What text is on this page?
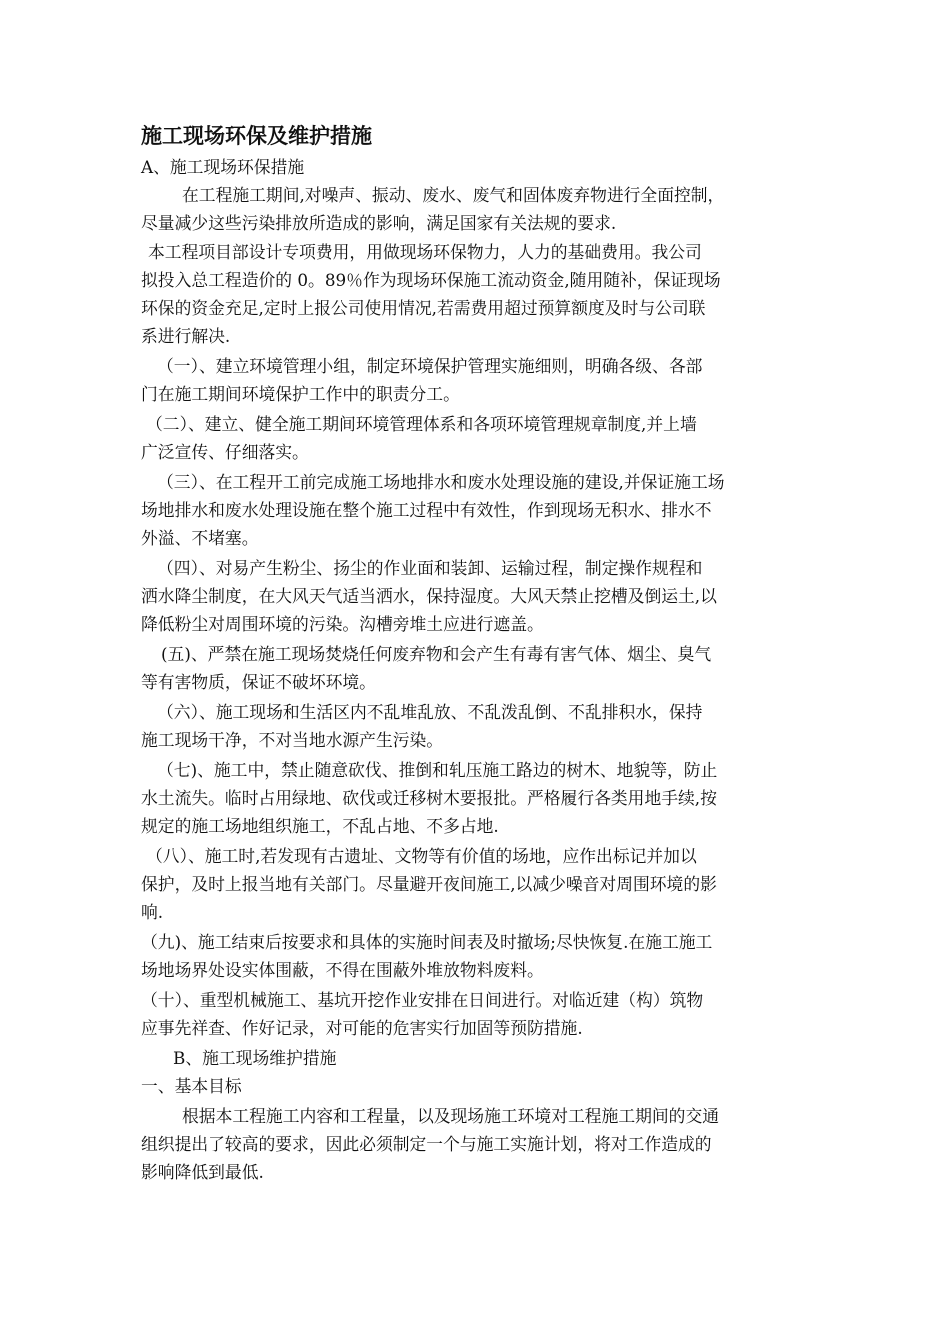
施工现场环保及维护措施

A、施工现场环保措施

在工程施工期间,对噪声、振动、废水、废气和固体废弃物进行全面控制，

尽量减少这些污染排放所造成的影响，满足国家有关法规的要求.

本工程项目部设计专项费用，用做现场环保物力，人力的基础费用。我公司

拟投入总工程造价的 0。89％作为现场环保施工流动资金,随用随补，保证现场

环保的资金充足,定时上报公司使用情况,若需费用超过预算额度及时与公司联

系进行解决.

（一）、建立环境管理小组，制定环境保护管理实施细则，明确各级、各部

门在施工期间环境保护工作中的职责分工。

（二）、建立、健全施工期间环境管理体系和各项环境管理规章制度,并上墙

广泛宣传、仔细落实。

（三）、在工程开工前完成施工场地排水和废水处理设施的建设,并保证施工场

场地排水和废水处理设施在整个施工过程中有效性，作到现场无积水、排水不

外溢、不堵塞。

（四）、对易产生粉尘、扬尘的作业面和装卸、运输过程，制定操作规程和

洒水降尘制度，在大风天气适当洒水，保持湿度。大风天禁止挖槽及倒运土,以

降低粉尘对周围环境的污染。沟槽旁堆土应进行遮盖。

(五)、严禁在施工现场焚烧任何废弃物和会产生有毒有害气体、烟尘、臭气

等有害物质，保证不破坏环境。

（六）、施工现场和生活区内不乱堆乱放、不乱泼乱倒、不乱排积水，保持

施工现场干净，不对当地水源产生污染。

（七)、施工中，禁止随意砍伐、推倒和轧压施工路边的树木、地貌等，防止

水土流失。临时占用绿地、砍伐或迁移树木要报批。严格履行各类用地手续,按

规定的施工场地组织施工，不乱占地、不多占地.

（八）、施工时,若发现有古遗址、文物等有价值的场地，应作出标记并加以

保护，及时上报当地有关部门。尽量避开夜间施工,以减少噪音对周围环境的影

响.

（九)、施工结束后按要求和具体的实施时间表及时撤场;尽快恢复.在施工施工

场地场界处设实体围蔽，不得在围蔽外堆放物料废料。

（十）、重型机械施工、基坑开挖作业安排在日间进行。对临近建（构）筑物

应事先祥查、作好记录，对可能的危害实行加固等预防措施.

B、施工现场维护措施

一、基本目标

根据本工程施工内容和工程量，以及现场施工环境对工程施工期间的交通

组织提出了较高的要求，因此必须制定一个与施工实施计划，将对工作造成的

影响降低到最低.
